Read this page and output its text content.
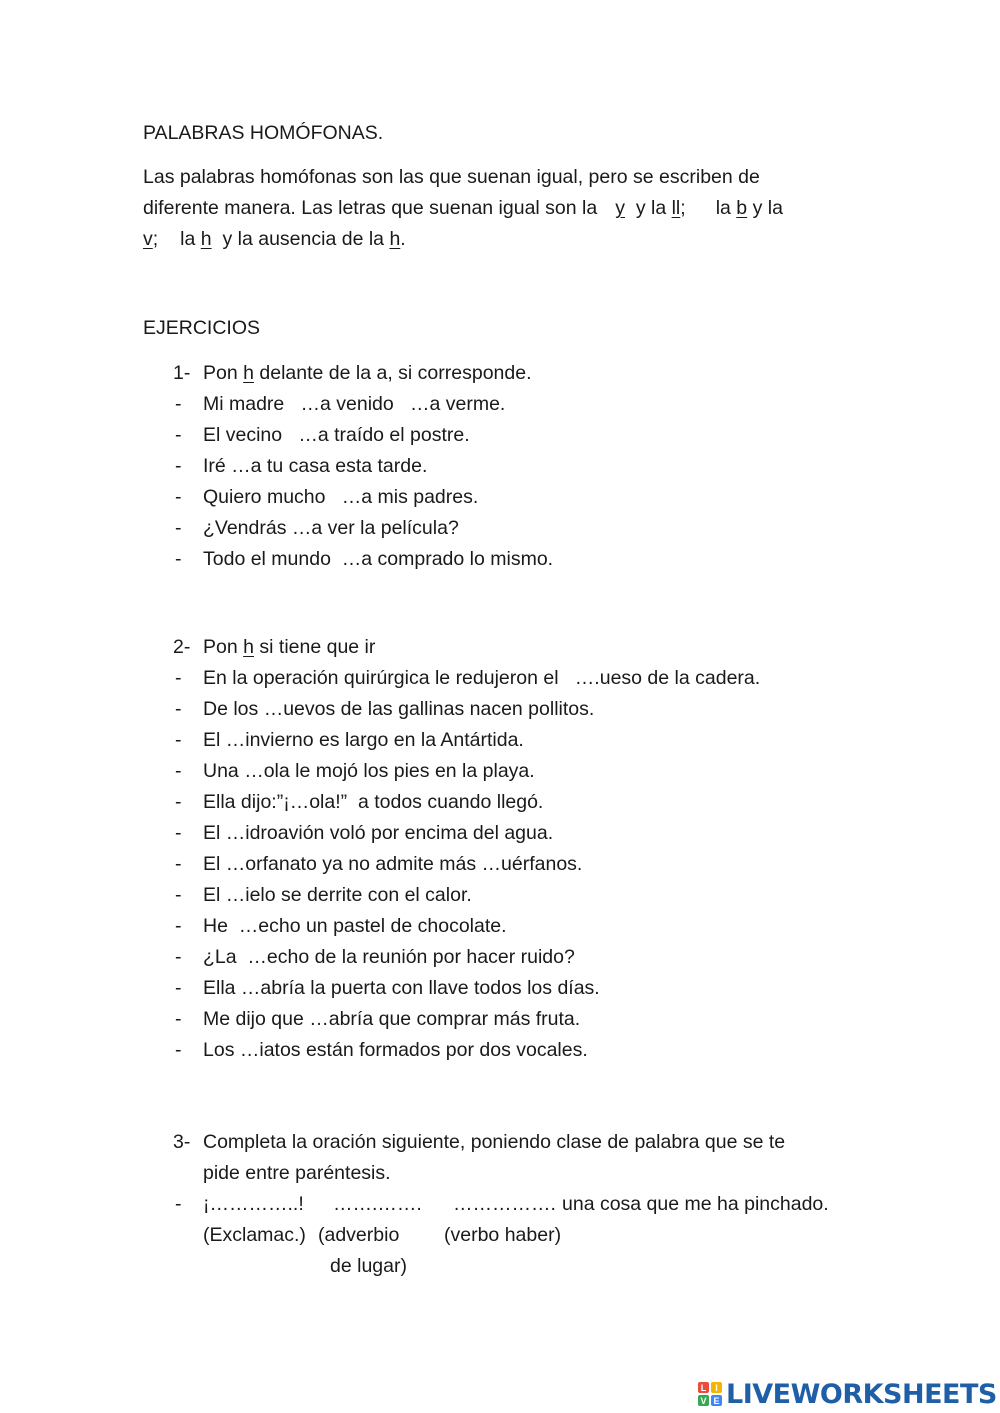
PALABRAS HOMÓFONAS.
Las palabras homófonas son las que suenan igual, pero se escriben de
diferente manera. Las letras que suenan igual son la y y la ll; la b y la
v; la h y la ausencia de la h.
EJERCICIOS
1- Pon h delante de la a, si corresponde.
- Mi madre   …a venido   …a verme.
- El vecino   …a traído el postre.
- Iré …a tu casa esta tarde.
- Quiero mucho   …a mis padres.
- ¿Vendrás …a ver la película?
- Todo el mundo  …a comprado lo mismo.
2- Pon h si tiene que ir
- En la operación quirúrgica le redujeron el   ….ueso de la cadera.
- De los …uevos de las gallinas nacen pollitos.
- El …invierno es largo en la Antártida.
- Una …ola le mojó los pies en la playa.
- Ella dijo:”¡…ola!”  a todos cuando llegó.
- El …idroavión voló por encima del agua.
- El …orfanato ya no admite más …uérfanos.
- El …ielo se derrite con el calor.
- He  …echo un pastel de chocolate.
- ¿La  …echo de la reunión por hacer ruido?
- Ella …abría la puerta con llave todos los días.
- Me dijo que …abría que comprar más fruta.
- Los …iatos están formados por dos vocales.
3- Completa la oración siguiente, poniendo clase de palabra que se te
pide entre paréntesis.
- ¡…………..! …….……. ……………. una cosa que me ha pinchado.
(Exclamac.) (adverbio (verbo haber)
de lugar)
L I
V E LIVEWORKSHEETS
